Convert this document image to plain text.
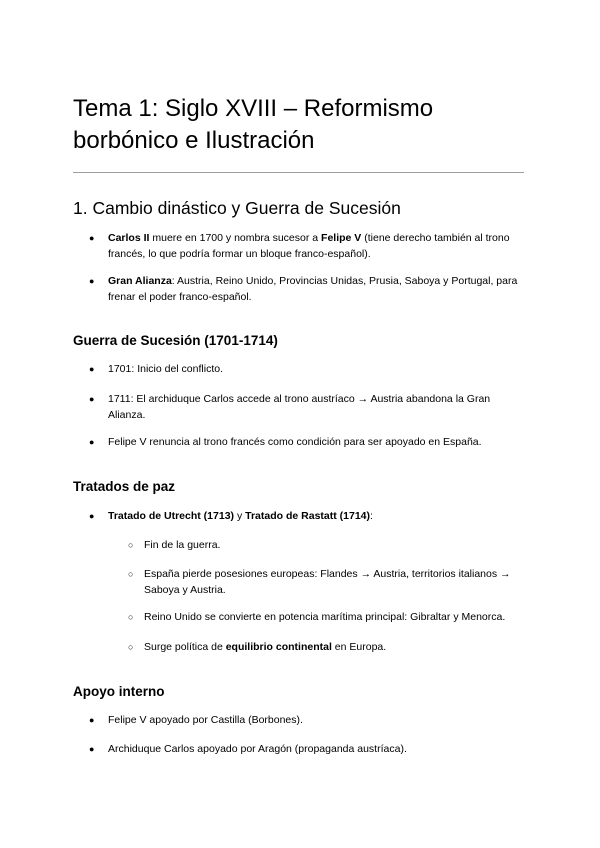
Tema 1: Siglo XVIII – Reformismo
borbónico e Ilustración
1. Cambio dinástico y Guerra de Sucesión
● Carlos II muere en 1700 y nombra sucesor a Felipe V (tiene derecho también al trono francés, lo que podría formar un bloque franco-español).
● Gran Alianza: Austria, Reino Unido, Provincias Unidas, Prusia, Saboya y Portugal, para frenar el poder franco-español.
Guerra de Sucesión (1701-1714)
● 1701: Inicio del conflicto.
● 1711: El archiduque Carlos accede al trono austríaco → Austria abandona la Gran Alianza.
● Felipe V renuncia al trono francés como condición para ser apoyado en España.
Tratados de paz
● Tratado de Utrecht (1713) y Tratado de Rastatt (1714):
○ Fin de la guerra.
○ España pierde posesiones europeas: Flandes → Austria, territorios italianos → Saboya y Austria.
○ Reino Unido se convierte en potencia marítima principal: Gibraltar y Menorca.
○ Surge política de equilibrio continental en Europa.
Apoyo interno
● Felipe V apoyado por Castilla (Borbones).
● Archiduque Carlos apoyado por Aragón (propaganda austríaca).
